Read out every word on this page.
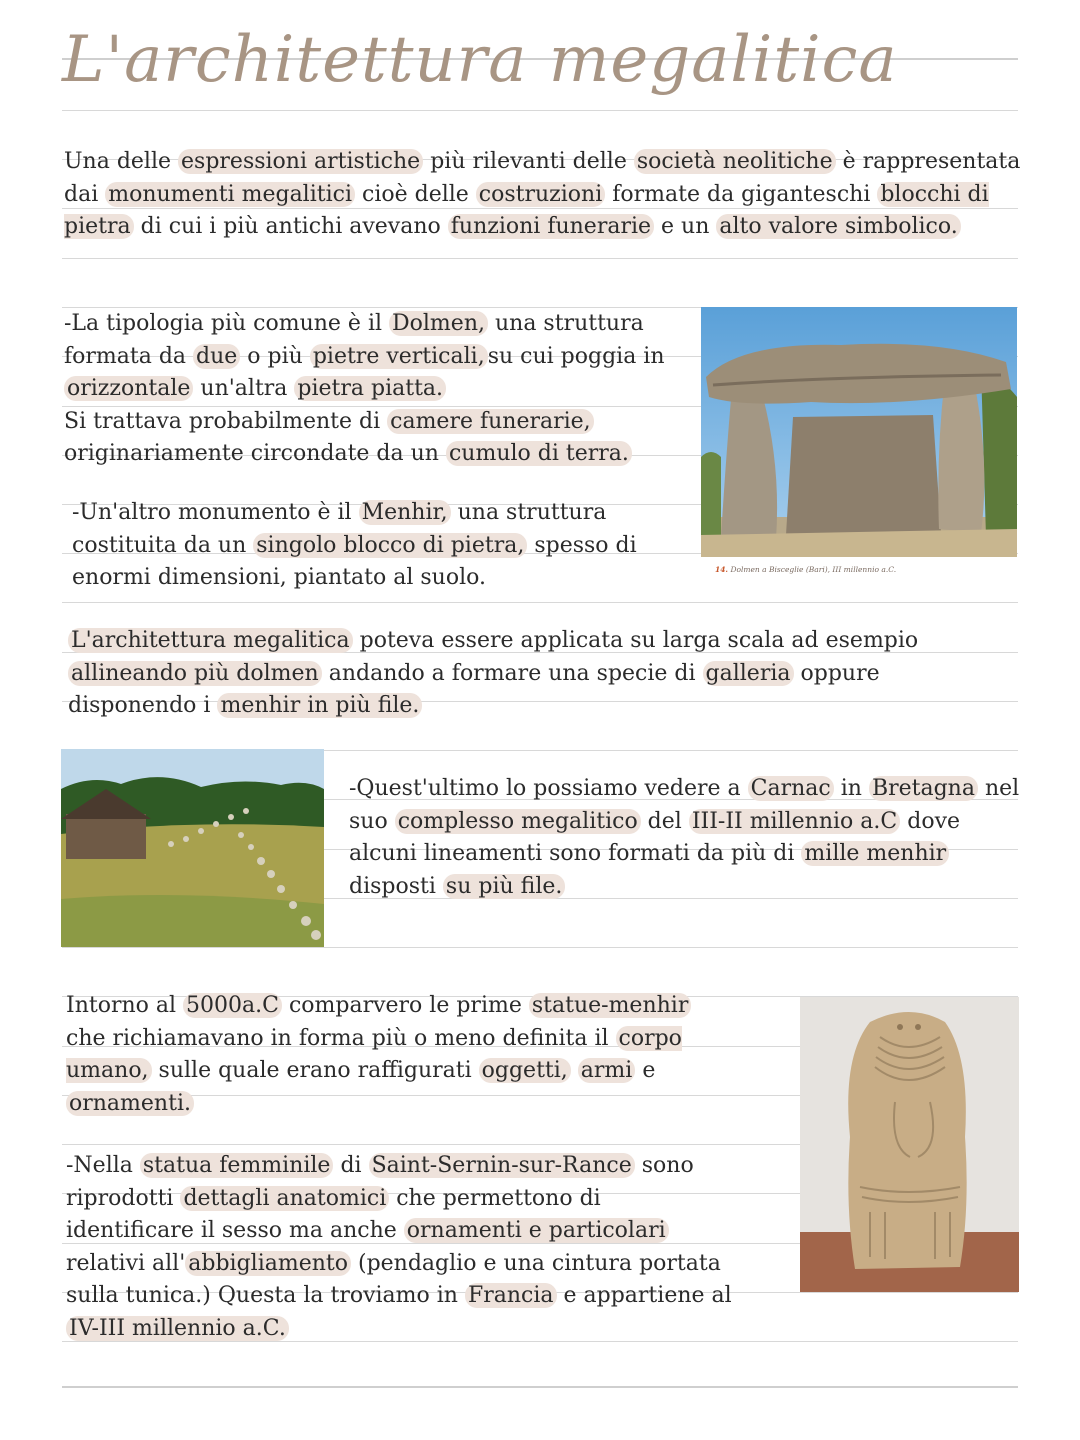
L'architettura megalitica
Una delle espressioni artistiche più rilevanti delle società neolitiche è rappresentata dai monumenti megalitici cioè delle costruzioni formate da giganteschi blocchi di pietra di cui i più antichi avevano funzioni funerarie e un alto valore simbolico.
-La tipologia più comune è il Dolmen, una struttura formata da due o più pietre verticali, su cui poggia in orizzontale un'altra pietra piatta.
Si trattava probabilmente di camere funerarie, originariamente circondate da un cumulo di terra.
-Un'altro monumento è il Menhir, una struttura costituita da un singolo blocco di pietra, spesso di enormi dimensioni, piantato al suolo.	14. Dolmen a Bisceglie (Bari), III millennio a.C.
L'architettura megalitica poteva essere applicata su larga scala ad esempio allineando più dolmen andando a formare una specie di galleria oppure disponendo i menhir in più file.
-Quest'ultimo lo possiamo vedere a Carnac in Bretagna nel suo complesso megalitico del III-II millennio a.C dove alcuni lineamenti sono formati da più di mille menhir disposti su più file.
Intorno al 5000a.C comparvero le prime statue-menhir che richiamavano in forma più o meno definita il corpo umano, sulle quale erano raffigurati oggetti, armi e ornamenti.
-Nella statua femminile di Saint-Sernin-sur-Rance sono riprodotti dettagli anatomici che permettono di identificare il sesso ma anche ornamenti e particolari relativi all' abbigliamento (pendaglio e una cintura portata sulla tunica.) Questa la troviamo in Francia e appartiene al IV-III millennio a.C.
